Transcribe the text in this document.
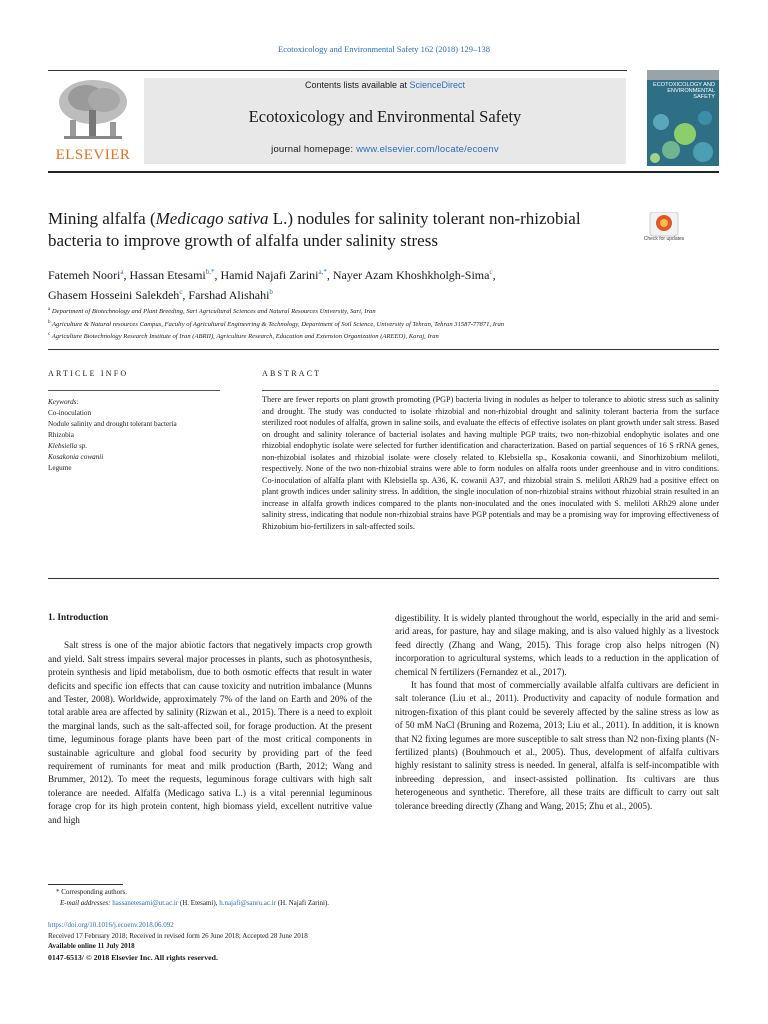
Ecotoxicology and Environmental Safety 162 (2018) 129–138
ELSEVIER
Contents lists available at ScienceDirect
Ecotoxicology and Environmental Safety
journal homepage: www.elsevier.com/locate/ecoenv
ECOTOXICOLOGY AND ENVIRONMENTAL SAFETY
Mining alfalfa (Medicago sativa L.) nodules for salinity tolerant non-rhizobial bacteria to improve growth of alfalfa under salinity stress	Check for updates
Fatemeh Noori$^a$, Hassan Etesami$^{b,*}$, Hamid Najafi Zarini$^{a,*}$, Nayer Azam Khoshkholgh-Sima$^c$,
Ghasem Hosseini Salekdeh$^c$, Farshad Alishahi$^b$
$^a$ Department of Biotechnology and Plant Breeding, Sari Agricultural Sciences and Natural Resources University, Sari, Iran
$^b$ Agriculture & Natural resources Campus, Faculty of Agricultural Engineering & Technology, Department of Soil Science, University of Tehran, Tehran 31587-77871, Iran
$^c$ Agriculture Biotechnology Research Institute of Iran (ABRII), Agriculture Research, Education and Extension Organization (AREEO), Karaj, Iran
ARTICLE INFO	ABSTRACT
Keywords:
Co-inoculation
Nodule salinity and drought tolerant bacteria
Rhizobia
Klebsiella sp.
Kosakonia cowanii
Legume
There are fewer reports on plant growth promoting (PGP) bacteria living in nodules as helper to tolerance to abiotic stress such as salinity and drought. The study was conducted to isolate rhizobial and non-rhizobial drought and salinity tolerant bacteria from the surface sterilized root nodules of alfalfa, grown in saline soils, and evaluate the effects of effective isolates on plant growth under salt stress. Based on drought and salinity tolerance of bacterial isolates and having multiple PGP traits, two non-rhizobial endophytic isolates and one rhizobial endophytic isolate were selected for further identification and characterization. Based on partial sequences of 16 S rRNA genes, non-rhizobial isolates and rhizobial isolate were closely related to Klebsiella sp., Kosakonia cowanii, and Sinorhizobium meliloti, respectively. None of the two non-rhizobial strains were able to form nodules on alfalfa roots under greenhouse and in vitro conditions. Co-inoculation of alfalfa plant with Klebsiella sp. A36, K. cowanii A37, and rhizobial strain S. meliloti ARh29 had a positive effect on plant growth indices under salinity stress. In addition, the single inoculation of non-rhizobial strains without rhizobial strain resulted in an increase in alfalfa growth indices compared to the plants non-inoculated and the ones inoculated with S. meliloti ARh29 alone under salinity stress, indicating that nodule non-rhizobial strains have PGP potentials and may be a promising way for improving effectiveness of Rhizobium bio-fertilizers in salt-affected soils.
1. Introduction

Salt stress is one of the major abiotic factors that negatively impacts crop growth and yield. Salt stress impairs several major processes in plants, such as photosynthesis, protein synthesis and lipid metabolism, due to both osmotic effects that result in water deficits and specific ion effects that can cause toxicity and nutrition imbalance (Munns and Tester, 2008). Worldwide, approximately 7% of the land on Earth and 20% of the total arable area are affected by salinity (Rizwan et al., 2015). There is a need to exploit the marginal lands, such as the salt-affected soil, for forage production. At the present time, leguminous forage plants have been part of the most critical components in sustainable agriculture and global food security by providing part of the feed requirement of ruminants for meat and milk production (Barth, 2012; Wang and Brummer, 2012). To meet the requests, leguminous forage cultivars with high salt tolerance are needed. Alfalfa (Medicago sativa L.) is a vital perennial leguminous forage crop for its high protein content, high biomass yield, excellent nutritive value and high

digestibility. It is widely planted throughout the world, especially in the arid and semi-arid areas, for pasture, hay and silage making, and is also valued highly as a livestock feed directly (Zhang and Wang, 2015). This forage crop also helps nitrogen (N) incorporation to agricultural systems, which leads to a reduction in the application of chemical N fertilizers (Fernandez et al., 2017).

It has found that most of commercially available alfalfa cultivars are deficient in salt tolerance (Liu et al., 2011). Productivity and capacity of nodule formation and nitrogen-fixation of this plant could be severely affected by the saline stress as low as of 50 mM NaCl (Bruning and Rozema, 2013; Liu et al., 2011). In addition, it is known that N2 fixing legumes are more susceptible to salt stress than N2 non-fixing plants (N-fertilized plants) (Bouhmouch et al., 2005). Thus, development of alfalfa cultivars highly resistant to salinity stress is needed. In general, alfalfa is self-incompatible with inbreeding depression, and insect-assisted pollination. Its cultivars are thus heterogeneous and synthetic. Therefore, all these traits are difficult to carry out salt tolerance breeding directly (Zhang and Wang, 2015; Zhu et al., 2005).

* Corresponding authors.
E-mail addresses: hassanetesami@ut.ac.ir (H. Etesami), h.najafi@sanru.ac.ir (H. Najafi Zarini).
https://doi.org/10.1016/j.ecoenv.2018.06.092
Received 17 February 2018; Received in revised form 26 June 2018; Accepted 28 June 2018
Available online 11 July 2018
0147-6513/ © 2018 Elsevier Inc. All rights reserved.
